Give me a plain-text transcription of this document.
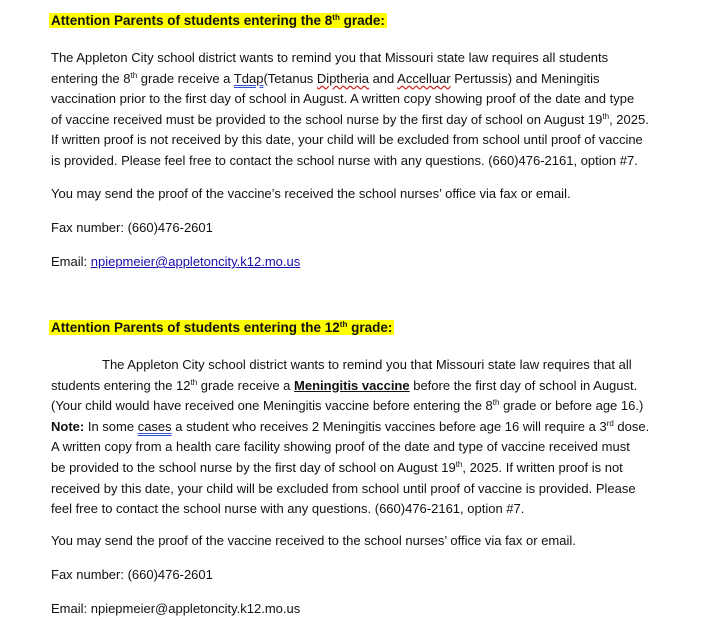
Attention Parents of students entering the 8th grade:
The Appleton City school district wants to remind you that Missouri state law requires all students
entering the 8th grade receive a Tdap(Tetanus Diptheria and Accelluar Pertussis) and Meningitis
vaccination prior to the first day of school in August. A written copy showing proof of the date and type
of vaccine received must be provided to the school nurse by the first day of school on August 19th, 2025.
If written proof is not received by this date, your child will be excluded from school until proof of vaccine
is provided. Please feel free to contact the school nurse with any questions. (660)476-2161, option #7.
You may send the proof of the vaccine’s received the school nurses’ office via fax or email.
Fax number: (660)476-2601
Email: npiepmeier@appletoncity.k12.mo.us
Attention Parents of students entering the 12th grade:
The Appleton City school district wants to remind you that Missouri state law requires that all
students entering the 12th grade receive a Meningitis vaccine before the first day of school in August.
(Your child would have received one Meningitis vaccine before entering the 8th grade or before age 16.)
Note: In some cases a student who receives 2 Meningitis vaccines before age 16 will require a 3rd dose.
A written copy from a health care facility showing proof of the date and type of vaccine received must
be provided to the school nurse by the first day of school on August 19th, 2025. If written proof is not
received by this date, your child will be excluded from school until proof of vaccine is provided. Please
feel free to contact the school nurse with any questions. (660)476-2161, option #7.
You may send the proof of the vaccine received to the school nurses’ office via fax or email.
Fax number: (660)476-2601
Email: npiepmeier@appletoncity.k12.mo.us
